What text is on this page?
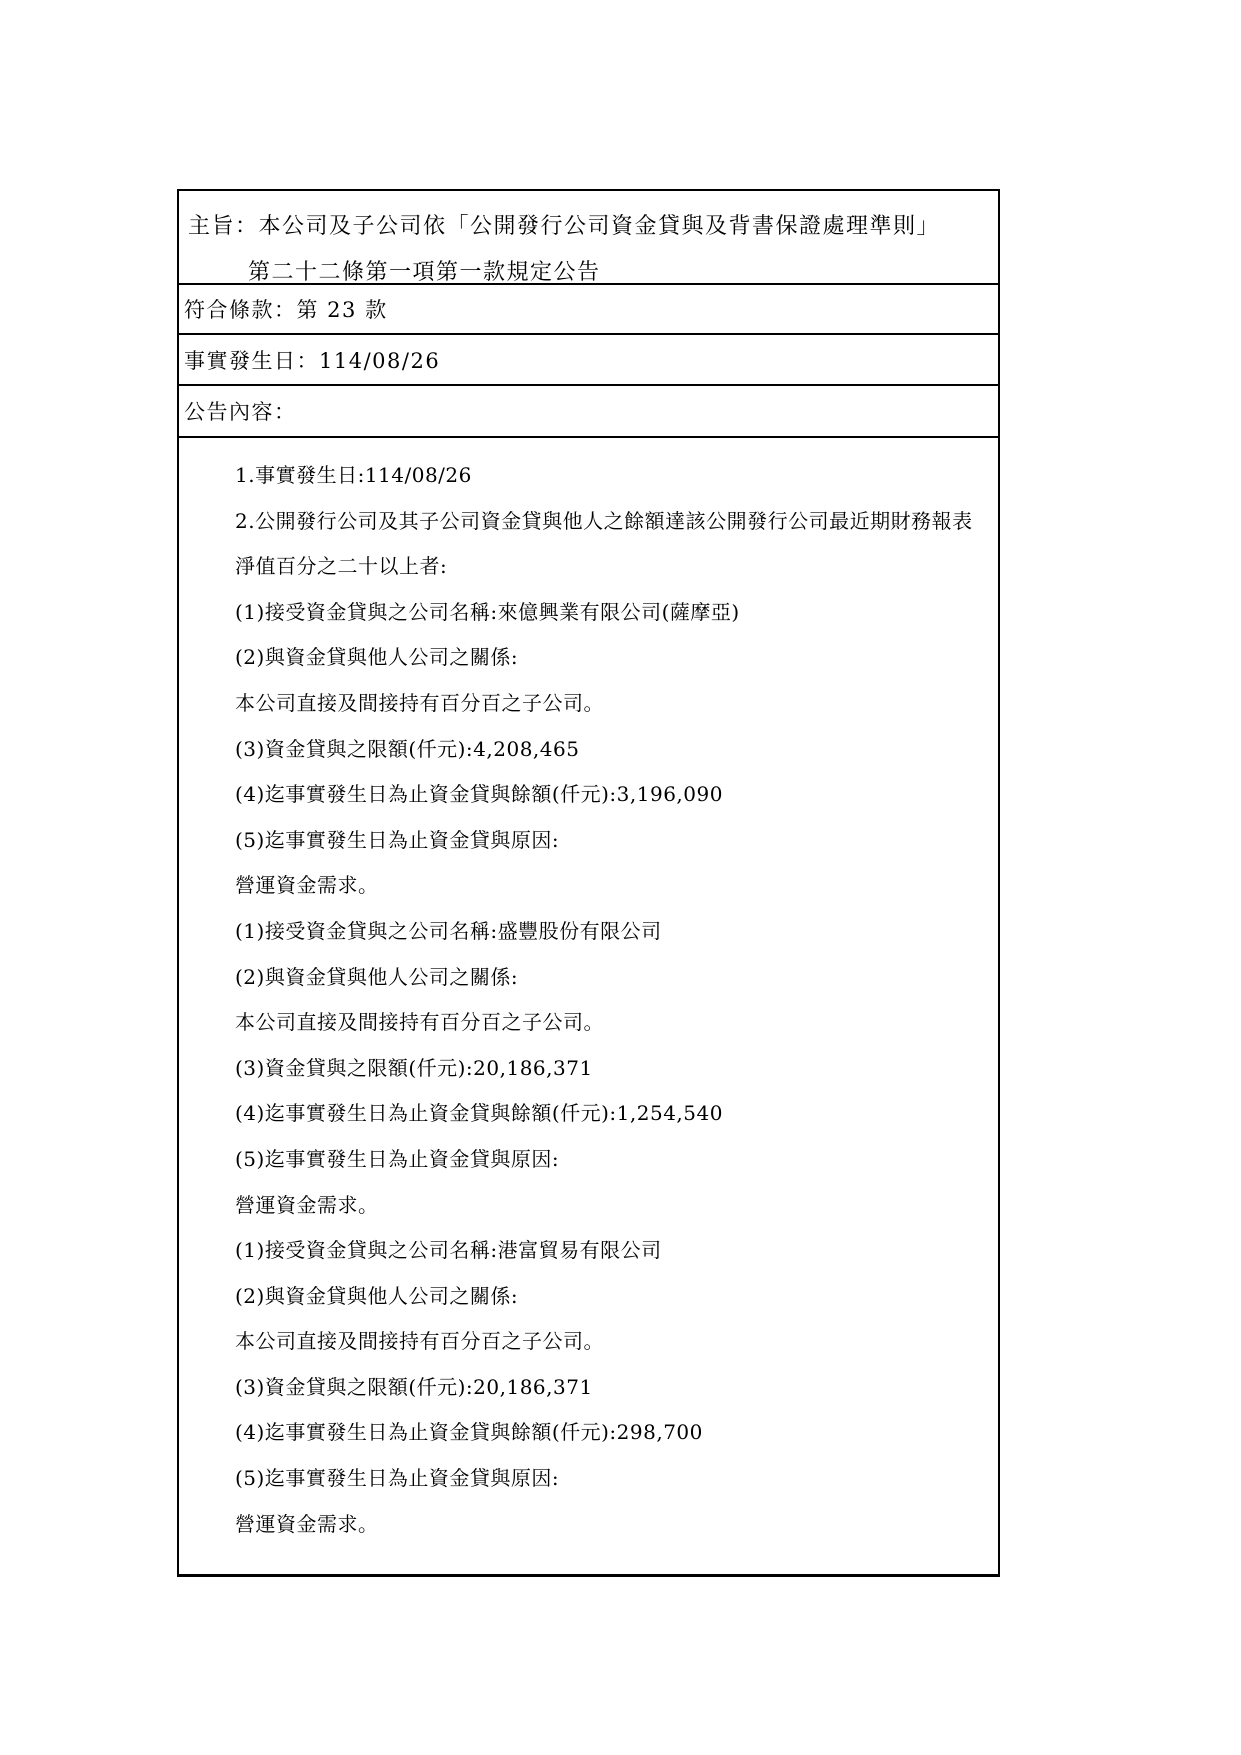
主旨：本公司及子公司依「公開發行公司資金貸與及背書保證處理準則」
第二十二條第一項第一款規定公告
符合條款：第 23 款
事實發生日：114/08/26
公告內容：
1.事實發生日:114/08/26
2.公開發行公司及其子公司資金貸與他人之餘額達該公開發行公司最近期財務報表
淨值百分之二十以上者:
(1)接受資金貸與之公司名稱:來億興業有限公司(薩摩亞)
(2)與資金貸與他人公司之關係:
本公司直接及間接持有百分百之子公司。
(3)資金貸與之限額(仟元):4,208,465
(4)迄事實發生日為止資金貸與餘額(仟元):3,196,090
(5)迄事實發生日為止資金貸與原因:
營運資金需求。
(1)接受資金貸與之公司名稱:盛豐股份有限公司
(2)與資金貸與他人公司之關係:
本公司直接及間接持有百分百之子公司。
(3)資金貸與之限額(仟元):20,186,371
(4)迄事實發生日為止資金貸與餘額(仟元):1,254,540
(5)迄事實發生日為止資金貸與原因:
營運資金需求。
(1)接受資金貸與之公司名稱:港富貿易有限公司
(2)與資金貸與他人公司之關係:
本公司直接及間接持有百分百之子公司。
(3)資金貸與之限額(仟元):20,186,371
(4)迄事實發生日為止資金貸與餘額(仟元):298,700
(5)迄事實發生日為止資金貸與原因:
營運資金需求。
